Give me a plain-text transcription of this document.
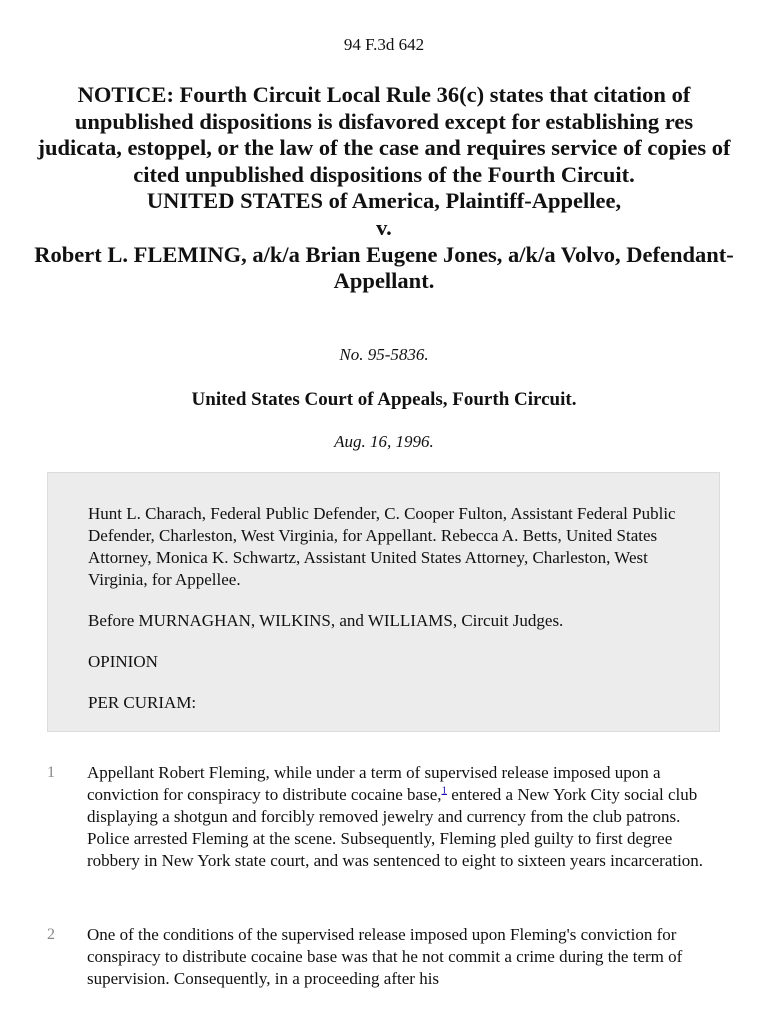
94 F.3d 642
NOTICE: Fourth Circuit Local Rule 36(c) states that citation of unpublished dispositions is disfavored except for establishing res judicata, estoppel, or the law of the case and requires service of copies of cited unpublished dispositions of the Fourth Circuit.
UNITED STATES of America, Plaintiff-Appellee,
v.
Robert L. FLEMING, a/k/a Brian Eugene Jones, a/k/a Volvo, Defendant-Appellant.
No. 95-5836.
United States Court of Appeals, Fourth Circuit.
Aug. 16, 1996.

Hunt L. Charach, Federal Public Defender, C. Cooper Fulton, Assistant Federal Public Defender, Charleston, West Virginia, for Appellant. Rebecca A. Betts, United States Attorney, Monica K. Schwartz, Assistant United States Attorney, Charleston, West Virginia, for Appellee.

Before MURNAGHAN, WILKINS, and WILLIAMS, Circuit Judges.

OPINION

PER CURIAM:

1 Appellant Robert Fleming, while under a term of supervised release imposed upon a conviction for conspiracy to distribute cocaine base,$^1$ entered a New York City social club displaying a shotgun and forcibly removed jewelry and currency from the club patrons. Police arrested Fleming at the scene. Subsequently, Fleming pled guilty to first degree robbery in New York state court, and was sentenced to eight to sixteen years incarceration.
2 One of the conditions of the supervised release imposed upon Fleming's conviction for conspiracy to distribute cocaine base was that he not commit a crime during the term of supervision. Consequently, in a proceeding after his
